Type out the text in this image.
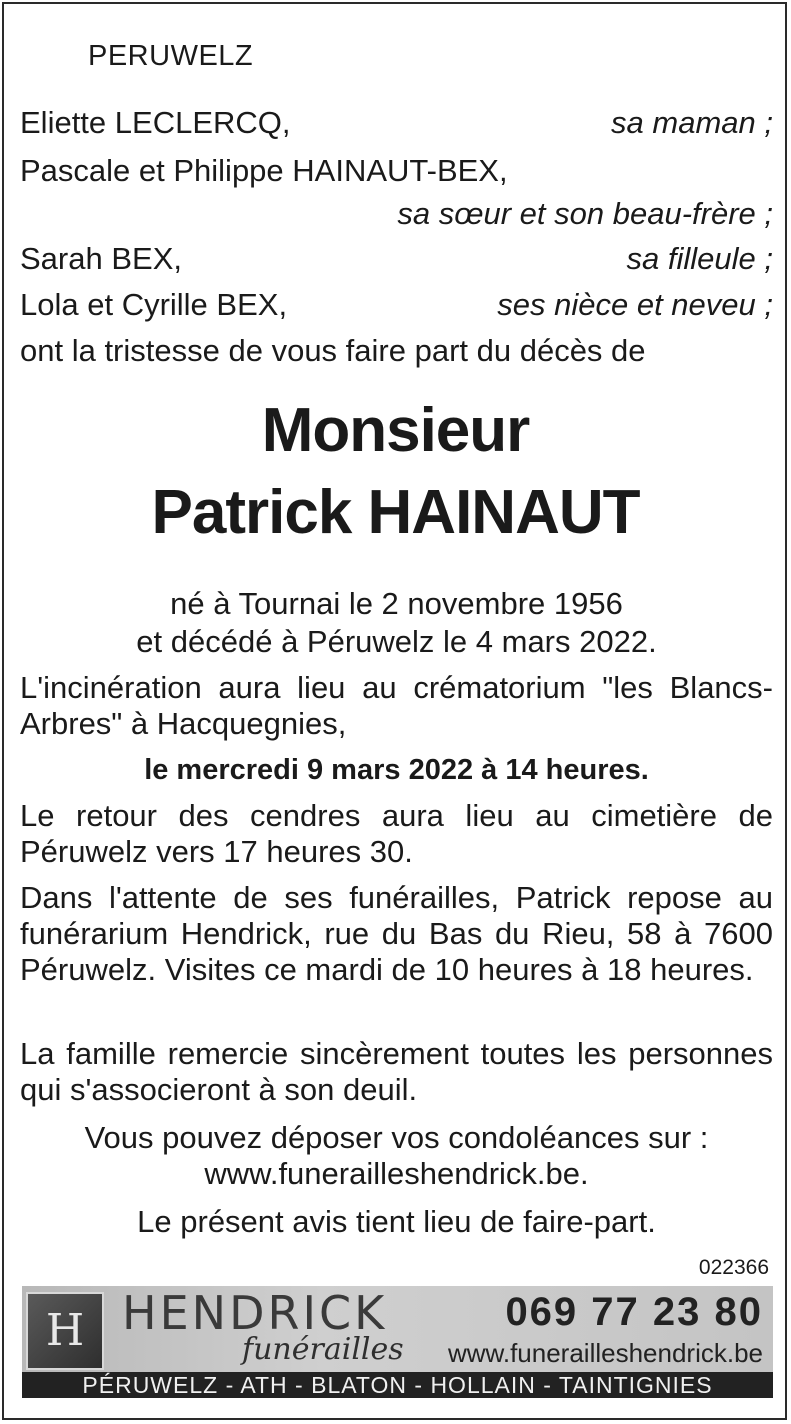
PERUWELZ
Eliette LECLERCQ,	sa maman ;
Pascale et Philippe HAINAUT-BEX,
sa sœur et son beau-frère ;
Sarah BEX,	sa filleule ;
Lola et Cyrille BEX,	ses nièce et neveu ;
ont la tristesse de vous faire part du décès de
Monsieur
Patrick HAINAUT
né à Tournai le 2 novembre 1956
et décédé à Péruwelz le 4 mars 2022.
L'incinération aura lieu au crématorium "les Blancs-Arbres" à Hacquegnies,
le mercredi 9 mars 2022 à 14 heures.
Le retour des cendres aura lieu au cimetière de Péruwelz vers 17 heures 30.
Dans l'attente de ses funérailles, Patrick repose au funérarium Hendrick, rue du Bas du Rieu, 58 à 7600 Péruwelz. Visites ce mardi de 10 heures à 18 heures.
La famille remercie sincèrement toutes les personnes qui s'associeront à son deuil.
Vous pouvez déposer vos condoléances sur :
www.funerailleshendrick.be.
Le présent avis tient lieu de faire-part.
022366
H HENDRICK
funérailles
069 77 23 80
www.funerailleshendrick.be
PÉRUWELZ - ATH - BLATON - HOLLAIN - TAINTIGNIES
